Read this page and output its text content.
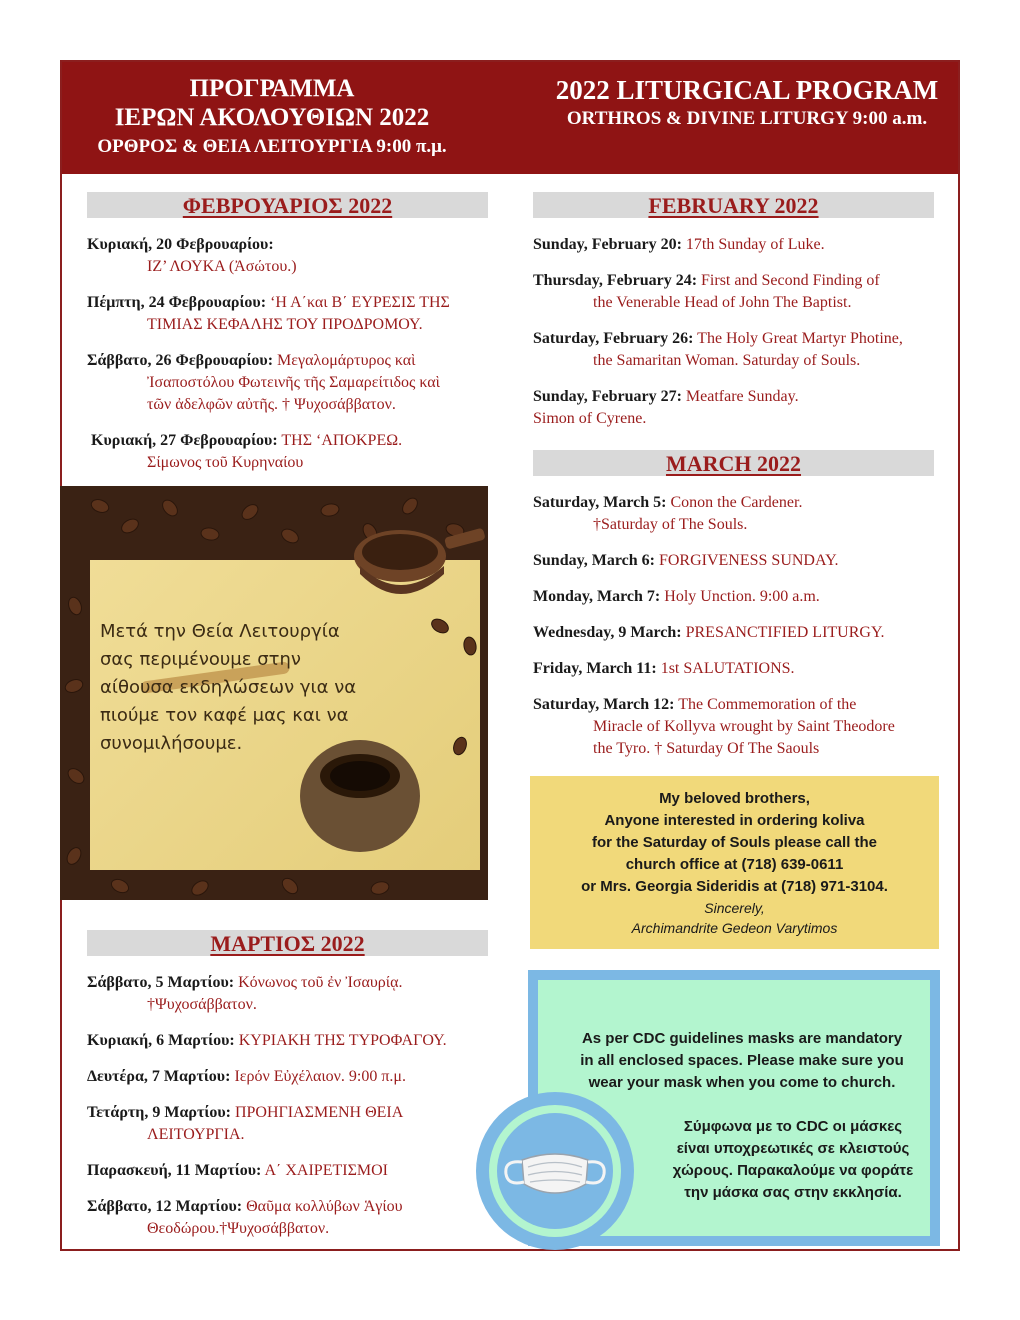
ΠΡΟΓΡΑΜΜΑ
ΙΕΡΩΝ ΑΚΟΛΟΥΘΙΩΝ 2022
ΟΡΘΡΟΣ & ΘΕΙΑ ΛΕΙΤΟΥΡΓΙΑ 9:00 π.μ.
2022 LITURGICAL PROGRAM
ORTHROS & DIVINE LITURGY 9:00 a.m.
ΦΕΒΡΟΥΑΡΙΟΣ 2022
Κυριακή, 20 Φεβρουαρίου:
ΙΖ’ ΛΟΥΚΑ (Ἀσώτου.)
Πέμπτη, 24 Φεβρουαρίου: ‘Η Α΄και Β΄ ΕΥΡΕΣΙΣ ΤΗΣ
ΤΙΜΙΑΣ ΚΕΦΑΛΗΣ ΤΟΥ ΠΡΟΔΡΟΜΟΥ.
Σάββατο, 26 Φεβρουαρίου: Μεγαλομάρτυρος καὶ
Ἰσαποστόλου Φωτεινῆς τῆς Σαμαρείτιδος καὶ
τῶν ἀδελφῶν αὐτῆς. † Ψυχοσάββατον.
Κυριακή, 27 Φεβρουαρίου: ΤΗΣ ‘ΑΠΟΚΡΕΩ.
Σίμωνος τοῦ Κυρηναίου
Μετά την Θεία Λειτουργία
σας περιμένουμε στην
αίθουσα εκδηλώσεων για να
πιούμε τον καφέ μας και να
συνομιλήσουμε.
ΜΑΡΤΙΟΣ 2022
Σάββατο, 5 Μαρτίου: Κόνωνος τοῦ ἐν Ἰσαυρίᾳ.
†Ψυχοσάββατον.
Κυριακή, 6 Μαρτίου: ΚΥΡΙΑΚΗ ΤΗΣ ΤΥΡΟΦΑΓΟΥ.
Δευτέρα, 7 Μαρτίου: Ιερόν Εὐχέλαιον. 9:00 π.μ.
Τετάρτη, 9 Μαρτίου: ΠΡΟΗΓΙΑΣΜΕΝΗ ΘΕΙΑ
ΛΕΙΤΟΥΡΓΙΑ.
Παρασκευή, 11 Μαρτίου: Α΄ ΧΑΙΡΕΤΙΣΜΟΙ
Σάββατο, 12 Μαρτίου: Θαῦμα κολλύβων Ἁγίου
Θεοδώρου.†Ψυχοσάββατον.
FEBRUARY 2022
Sunday, February 20: 17th Sunday of Luke.
Thursday, February 24: First and Second Finding of
the Venerable Head of John The Baptist.
Saturday, February 26: The Holy Great Martyr Photine,
the Samaritan Woman. Saturday of Souls.
Sunday, February 27: Meatfare Sunday.
Simon of Cyrene.
MARCH 2022
Saturday, March 5: Conon the Cardener.
†Saturday of The Souls.
Sunday, March 6: FORGIVENESS SUNDAY.
Monday, March 7: Holy Unction. 9:00 a.m.
Wednesday, 9 March: PRESANCTIFIED LITURGY.
Friday, March 11: 1st SALUTATIONS.
Saturday, March 12: The Commemoration of the
Miracle of Kollyva wrought by Saint Theodore
the Tyro. † Saturday Of The Saouls
My beloved brothers,
Anyone interested in ordering koliva
for the Saturday of Souls please call the
church office at (718) 639-0611
or Mrs. Georgia Sideridis at (718) 971-3104.
Sincerely,
Archimandrite Gedeon Varytimos
As per CDC guidelines masks are mandatory
in all enclosed spaces. Please make sure you
wear your mask when you come to church.
Σύμφωνα με το CDC οι μάσκες
είναι υποχρεωτικές σε κλειστούς
χώρους. Παρακαλούμε να φοράτε
την μάσκα σας στην εκκλησία.
